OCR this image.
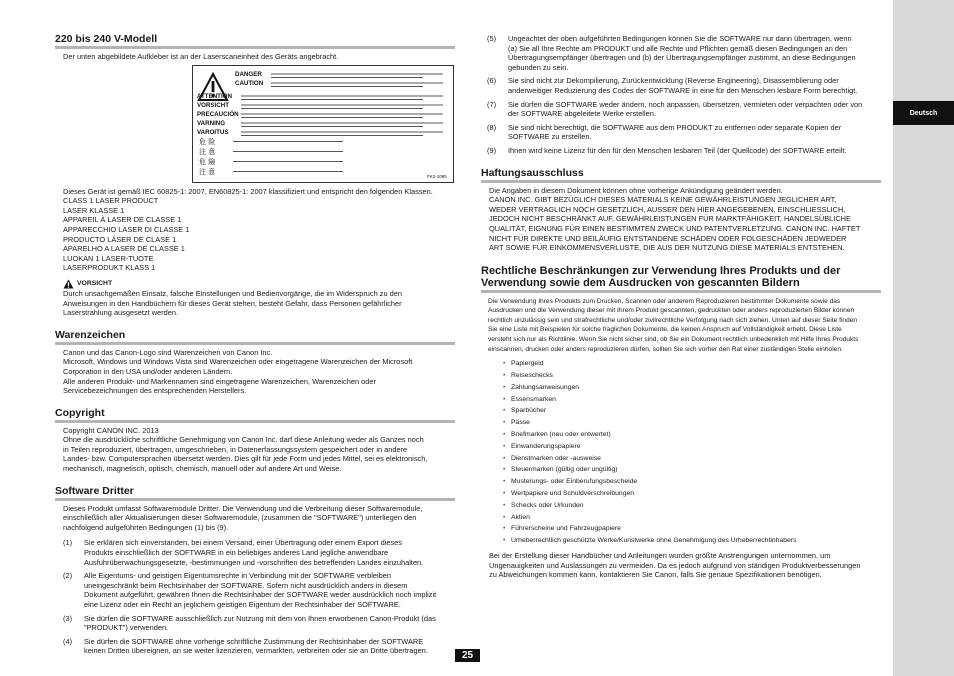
Deutsch
220 bis 240 V-Modell
Der unten abgebildete Aufkleber ist an der Laserscaneinheit des Geräts angebracht.
DANGER
CAUTION
ATTENTION
VORSICHT
PRECAUCIÓN
VARNING
VAROITUS
危 险
注 意
危 險
注 意
FK2-1095
Dieses Gerät ist gemäß IEC 60825-1: 2007, EN60825-1: 2007 klassifiziert und entspricht den folgenden Klassen.
CLASS 1 LASER PRODUCT
LASER KLASSE 1
APPAREIL À LASER DE CLASSE 1
APPARECCHIO LASER DI CLASSE 1
PRODUCTO LÁSER DE CLASE 1
APARELHO A LASER DE CLASSE 1
LUOKAN 1 LASER-TUOTE
LASERPRODUKT KLASS 1
VORSICHT
Durch unsachgemäßen Einsatz, falsche Einstellungen und Bedienvorgänge, die im Widerspruch zu den
Anweisungen in den Handbüchern für dieses Gerät stehen, besteht Gefahr, dass Personen gefährlicher
Laserstrahlung ausgesetzt werden.
Warenzeichen
Canon und das Canon-Logo sind Warenzeichen von Canon Inc.
Microsoft, Windows und Windows Vista sind Warenzeichen oder eingetragene Warenzeichen der Microsoft
Corporation in den USA und/oder anderen Ländern.
Alle anderen Produkt- und Markennamen sind eingetragene Warenzeichen, Warenzeichen oder
Servicebezeichnungen des entsprechenden Herstellers.
Copyright
Copyright CANON INC. 2013
Ohne die ausdrückliche schriftliche Genehmigung von Canon Inc. darf diese Anleitung weder als Ganzes noch
in Teilen reproduziert, übertragen, umgeschrieben, in Datenerfassungssystem gespeichert oder in andere
Landes- bzw. Computersprachen übersetzt werden. Dies gilt für jede Form und jedes Mittel, sei es elektronisch,
mechanisch, magnetisch, optisch, chemisch, manuell oder auf andere Art und Weise.
Software Dritter
Dieses Produkt umfasst Softwaremodule Dritter. Die Verwendung und die Verbreitung dieser Softwaremodule,
einschließlich aller Aktualisierungen dieser Softwaremodule, (zusammen die "SOFTWARE") unterliegen den
nachfolgend aufgeführten Bedingungen (1) bis (9).
(1)	Sie erklären sich einverstanden, bei einem Versand, einer Übertragung oder einem Export dieses
Produkts einschließlich der SOFTWARE in ein beliebiges anderes Land jegliche anwendbare
Ausfuhrüberwachungsgesetzte, -bestimmungen und -vorschriften des betreffenden Landes einzuhalten.
(2)	Alle Eigentums- und geistigen Eigentumsrechte in Verbindung mit der SOFTWARE verbleiben
uneingeschränkt beim Rechtsinhaber der SOFTWARE. Sofern nicht ausdrücklich anders in diesem
Dokument aufgeführt, gewähren Ihnen die Rechtsinhaber der SOFTWARE weder ausdrücklich noch implizit
eine Lizenz oder ein Recht an jeglichem geistigen Eigentum der Rechtsinhaber der SOFTWARE.
(3)	Sie dürfen die SOFTWARE ausschließlich zur Nutzung mit dem von Ihnen erworbenen Canon-Produkt (das
"PRODUKT") verwenden.
(4)	Sie dürfen die SOFTWARE ohne vorherige schriftliche Zustimmung der Rechtsinhaber der SOFTWARE
keinen Dritten übereignen, an sie weiter lizenzieren, vermarkten, verbreiten oder sie an Dritte übertragen.
(5)	Ungeachtet der oben aufgeführten Bedingungen können Sie die SOFTWARE nur dann übertragen, wenn
(a) Sie all Ihre Rechte am PRODUKT und alle Rechte und Pflichten gemäß diesen Bedingungen an den
Übertragungsempfänger übertragen und (b) der Übertragungsempfänger zustimmt, an diese Bedingungen
gebunden zu sein.
(6)	Sie sind nicht zur Dekompilierung, Zurückentwicklung (Reverse Engineering), Disassemblierung oder
anderweitiger Reduzierung des Codes der SOFTWARE in eine für den Menschen lesbare Form berechtigt.
(7)	Sie dürfen die SOFTWARE weder ändern, noch anpassen, übersetzen, vermieten oder verpachten oder von
der SOFTWARE abgeleitete Werke erstellen.
(8)	Sie sind nicht berechtigt, die SOFTWARE aus dem PRODUKT zu entfernen oder separate Kopien der
SOFTWARE zu erstellen.
(9)	Ihnen wird keine Lizenz für den für den Menschen lesbaren Teil (der Quellcode) der SOFTWARE erteilt.
Haftungsausschluss
Die Angaben in diesem Dokument können ohne vorherige Ankündigung geändert werden.
CANON INC. GIBT BEZÜGLICH DIESES MATERIALS KEINE GEWÄHRLEISTUNGEN JEGLICHER ART,
WEDER VERTRAGLICH NOCH GESETZLICH, AUSSER DEN HIER ANGEGEBENEN, EINSCHLIESSLICH,
JEDOCH NICHT BESCHRÄNKT AUF, GEWÄHRLEISTUNGEN FÜR MARKTFÄHIGKEIT, HANDELSÜBLICHE
QUALITÄT, EIGNUNG FÜR EINEN BESTIMMTEN ZWECK UND PATENTVERLETZUNG. CANON INC. HAFTET
NICHT FÜR DIREKTE UND BEILÄUFIG ENTSTANDENE SCHÄDEN ODER FOLGESCHÄDEN JEDWEDER
ART SOWIE FÜR EINKOMMENSVERLUSTE, DIE AUS DER NUTZUNG DIESE MATERIALS ENTSTEHEN.
Rechtliche Beschränkungen zur Verwendung Ihres Produkts und der
Verwendung sowie dem Ausdrucken von gescannten Bildern
Die Verwendung Ihres Produkts zum Drucken, Scannen oder anderem Reproduzieren bestimmter Dokumente sowie das
Ausdrucken und die Verwendung dieser mit Ihrem Produkt gescannten, gedruckten oder anders reproduzierten Bilder können
rechtlich unzulässig sein und strafrechtliche und/oder zivilrechtliche Verfolgung nach sich ziehen. Unten auf dieser Seite finden
Sie eine Liste mit Beispielen für solche fraglichen Dokumente, die keinen Anspruch auf Vollständigkeit erhebt. Diese Liste
versteht sich nur als Richtlinie. Wenn Sie nicht sicher sind, ob Sie ein Dokument rechtlich unbedenklich mit Hilfe Ihres Produkts
einscannen, drucken oder anders reproduzieren dürfen, sollten Sie sich vorher den Rat einer zuständigen Stelle einholen.
• Papiergeld
• Reiseschecks
• Zahlungsanweisungen
• Essensmarken
• Sparbücher
• Pässe
• Briefmarken (neu oder entwertet)
• Einwanderungspapiere
• Dienstmarken oder -ausweise
• Steuermarken (gültig oder ungültig)
• Musterungs- oder Einberufungsbescheide
• Wertpapiere und Schuldverschreibungen
• Schecks oder Urkunden
• Aktien
• Führerscheine und Fahrzeugpapiere
• Urheberrechtlich geschützte Werke/Kunstwerke ohne Genehmigung des Urheberrechtinhabers
Bei der Erstellung dieser Handbücher und Anleitungen wurden größte Anstrengungen unternommen, um
Ungenauigkeiten und Auslassungen zu vermeiden. Da es jedoch aufgrund von ständigen Produktverbesserungen
zu Abweichungen kommen kann, kontaktieren Sie Canon, falls Sie genaue Spezifikationen benötigen.
25
